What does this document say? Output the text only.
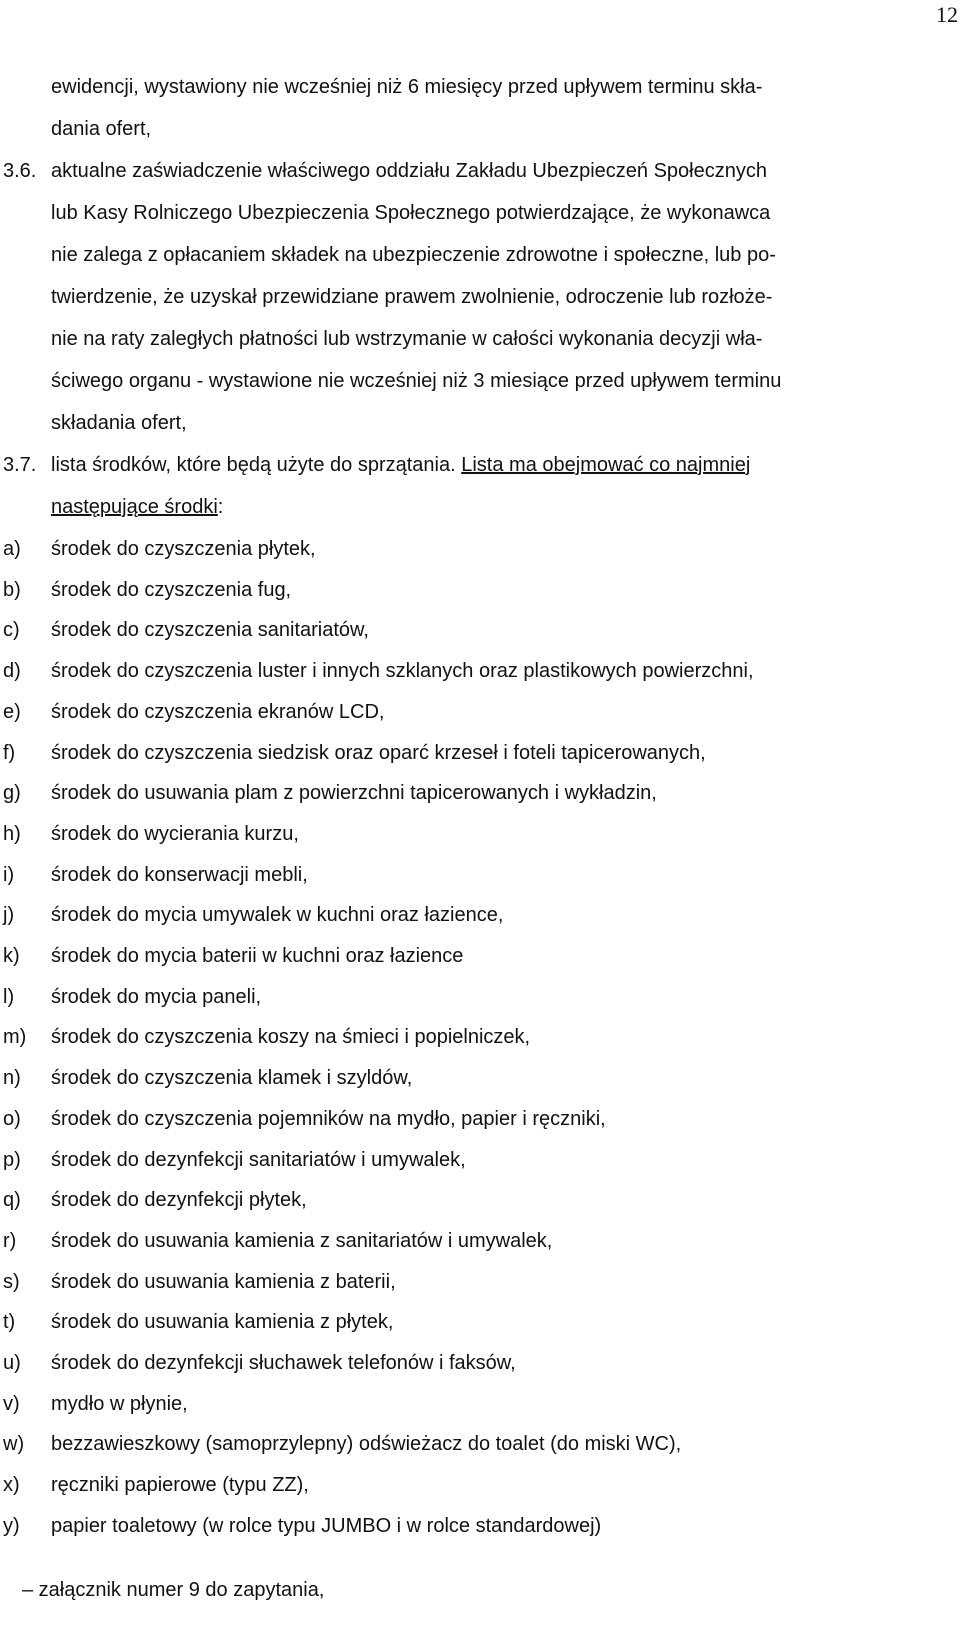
12
ewidencji, wystawiony nie wcześniej niż 6 miesięcy przed upływem terminu skła-
dania ofert,
3.6. aktualne zaświadczenie właściwego oddziału Zakładu Ubezpieczeń Społecznych
lub Kasy Rolniczego Ubezpieczenia Społecznego potwierdzające, że wykonawca
nie zalega z opłacaniem składek na ubezpieczenie zdrowotne i społeczne, lub po-
twierdzenie, że uzyskał przewidziane prawem zwolnienie, odroczenie lub rozłoże-
nie na raty zaległych płatności lub wstrzymanie w całości wykonania decyzji wła-
ściwego organu - wystawione nie wcześniej niż 3 miesiące przed upływem terminu
składania ofert,
3.7. lista środków, które będą użyte do sprzątania. Lista ma obejmować co najmniej
następujące środki:
a)	środek do czyszczenia płytek,
b)	środek do czyszczenia fug,
c)	środek do czyszczenia sanitariatów,
d)	środek do czyszczenia luster i innych szklanych oraz plastikowych powierzchni,
e)	środek do czyszczenia ekranów LCD,
f)	środek do czyszczenia siedzisk oraz oparć krzeseł i foteli tapicerowanych,
g)	środek do usuwania plam z powierzchni tapicerowanych i wykładzin,
h)	środek do wycierania kurzu,
i)	środek do konserwacji mebli,
j)	środek do mycia umywalek w kuchni oraz łazience,
k)	środek do mycia baterii w kuchni oraz łazience
l)	środek do mycia paneli,
m)	środek do czyszczenia koszy na śmieci i popielniczek,
n)	środek do czyszczenia klamek i szyldów,
o)	środek do czyszczenia pojemników na mydło, papier i ręczniki,
p)	środek do dezynfekcji sanitariatów i umywalek,
q)	środek do dezynfekcji płytek,
r)	środek do usuwania kamienia z sanitariatów i umywalek,
s)	środek do usuwania kamienia z baterii,
t)	środek do usuwania kamienia z płytek,
u)	środek do dezynfekcji słuchawek telefonów i faksów,
v)	mydło w płynie,
w)	bezzawieszkowy (samoprzylepny) odświeżacz do toalet (do miski WC),
x)	ręczniki papierowe (typu ZZ),
y)	papier toaletowy (w rolce typu JUMBO i w rolce standardowej)
– załącznik numer 9 do zapytania,
